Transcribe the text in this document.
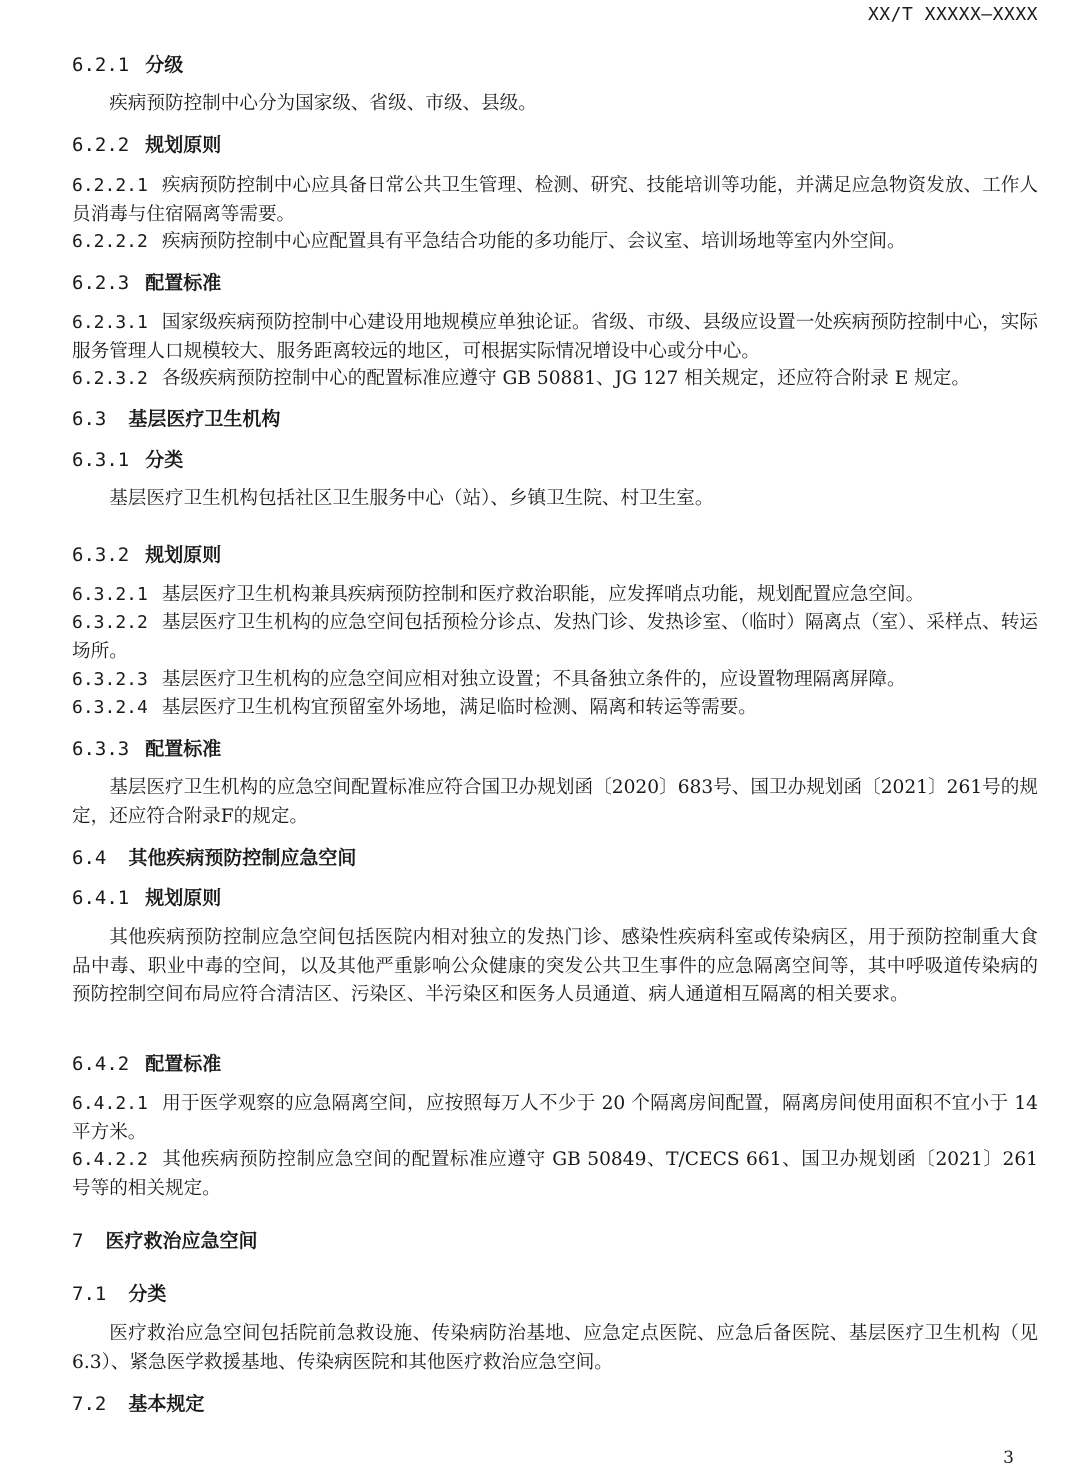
XX/T XXXXX—XXXX
6.2.1 分级
疾病预防控制中心分为国家级、省级、市级、县级。
6.2.2 规划原则
6.2.2.1 疾病预防控制中心应具备日常公共卫生管理、检测、研究、技能培训等功能，并满足应急物资发放、工作人员消毒与住宿隔离等需要。
6.2.2.2 疾病预防控制中心应配置具有平急结合功能的多功能厅、会议室、培训场地等室内外空间。
6.2.3 配置标准
6.2.3.1 国家级疾病预防控制中心建设用地规模应单独论证。省级、市级、县级应设置一处疾病预防控制中心，实际服务管理人口规模较大、服务距离较远的地区，可根据实际情况增设中心或分中心。
6.2.3.2 各级疾病预防控制中心的配置标准应遵守 GB 50881、JG 127 相关规定，还应符合附录 E 规定。
6.3 基层医疗卫生机构
6.3.1 分类
基层医疗卫生机构包括社区卫生服务中心（站）、乡镇卫生院、村卫生室。
6.3.2 规划原则
6.3.2.1 基层医疗卫生机构兼具疾病预防控制和医疗救治职能，应发挥哨点功能，规划配置应急空间。
6.3.2.2 基层医疗卫生机构的应急空间包括预检分诊点、发热门诊、发热诊室、（临时）隔离点（室）、采样点、转运场所。
6.3.2.3 基层医疗卫生机构的应急空间应相对独立设置；不具备独立条件的，应设置物理隔离屏障。
6.3.2.4 基层医疗卫生机构宜预留室外场地，满足临时检测、隔离和转运等需要。
6.3.3 配置标准
基层医疗卫生机构的应急空间配置标准应符合国卫办规划函〔2020〕683号、国卫办规划函〔2021〕261号的规定，还应符合附录F的规定。
6.4 其他疾病预防控制应急空间
6.4.1 规划原则
其他疾病预防控制应急空间包括医院内相对独立的发热门诊、感染性疾病科室或传染病区，用于预防控制重大食品中毒、职业中毒的空间，以及其他严重影响公众健康的突发公共卫生事件的应急隔离空间等，其中呼吸道传染病的预防控制空间布局应符合清洁区、污染区、半污染区和医务人员通道、病人通道相互隔离的相关要求。
6.4.2 配置标准
6.4.2.1 用于医学观察的应急隔离空间，应按照每万人不少于 20 个隔离房间配置，隔离房间使用面积不宜小于 14 平方米。
6.4.2.2 其他疾病预防控制应急空间的配置标准应遵守 GB 50849、T/CECS 661、国卫办规划函〔2021〕261 号等的相关规定。
7 医疗救治应急空间
7.1 分类
医疗救治应急空间包括院前急救设施、传染病防治基地、应急定点医院、应急后备医院、基层医疗卫生机构（见6.3）、紧急医学救援基地、传染病医院和其他医疗救治应急空间。
7.2 基本规定
3
